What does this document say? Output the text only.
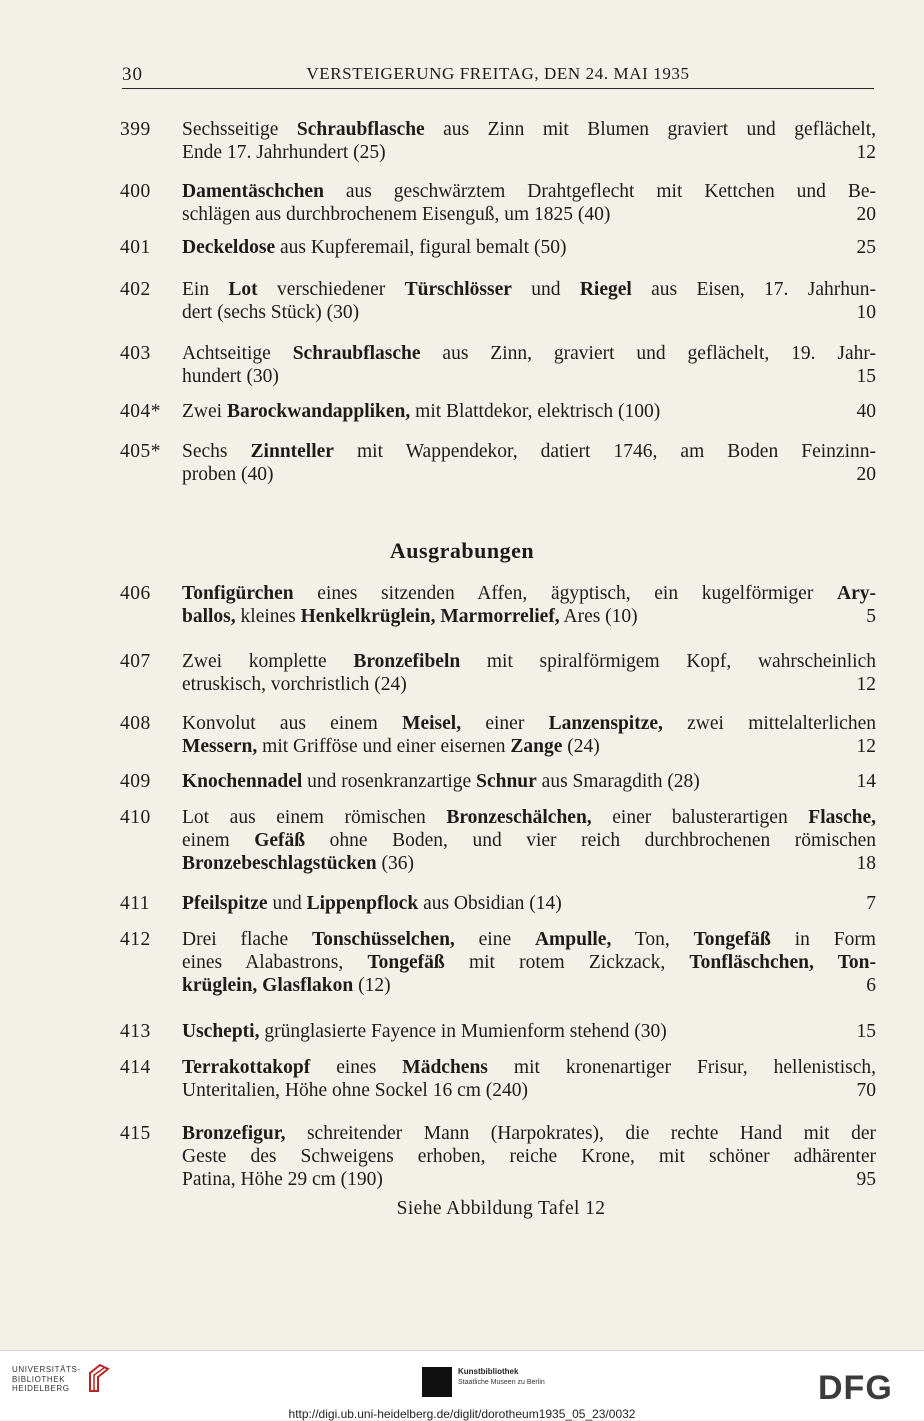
30	VERSTEIGERUNG FREITAG, DEN 24. MAI 1935
399	Sechsseitige Schraubflasche aus Zinn mit Blumen graviert und geflächelt,
Ende 17. Jahrhundert (25)	12
400	Damentäschchen aus geschwärztem Drahtgeflecht mit Kettchen und Be-
schlägen aus durchbrochenem Eisenguß, um 1825 (40)	20
401	Deckeldose aus Kupferemail, figural bemalt (50)	25
402	Ein Lot verschiedener Türschlösser und Riegel aus Eisen, 17. Jahrhun-
dert (sechs Stück) (30)	10
403	Achtseitige Schraubflasche aus Zinn, graviert und geflächelt, 19. Jahr-
hundert (30)	15
404*	Zwei Barockwandappliken, mit Blattdekor, elektrisch (100)	40
405*	Sechs Zinnteller mit Wappendekor, datiert 1746, am Boden Feinzinn-
proben (40)	20
Ausgrabungen
406	Tonfigürchen eines sitzenden Affen, ägyptisch, ein kugelförmiger Ary-
ballos, kleines Henkelkrüglein, Marmorrelief, Ares (10)	5
407	Zwei komplette Bronzefibeln mit spiralförmigem Kopf, wahrscheinlich
etruskisch, vorchristlich (24)	12
408	Konvolut aus einem Meisel, einer Lanzenspitze, zwei mittelalterlichen
Messern, mit Grifföse und einer eisernen Zange (24)	12
409	Knochennadel und rosenkranzartige Schnur aus Smaragdith (28)	14
410	Lot aus einem römischen Bronzeschälchen, einer balusterartigen Flasche,
einem Gefäß ohne Boden, und vier reich durchbrochenen römischen
Bronzebeschlagstücken (36)	18
411	Pfeilspitze und Lippenpflock aus Obsidian (14)	7
412	Drei flache Tonschüsselchen, eine Ampulle, Ton, Tongefäß in Form
eines Alabastrons, Tongefäß mit rotem Zickzack, Tonfläschchen, Ton-
krüglein, Glasflakon (12)	6
413	Uschepti, grünglasierte Fayence in Mumienform stehend (30)	15
414	Terrakottakopf eines Mädchens mit kronenartiger Frisur, hellenistisch,
Unteritalien, Höhe ohne Sockel 16 cm (240)	70
415	Bronzefigur, schreitender Mann (Harpokrates), die rechte Hand mit der
Geste des Schweigens erhoben, reiche Krone, mit schöner adhärenter
Patina, Höhe 29 cm (190)	95
Siehe Abbildung Tafel 12
UNIVERSITÄTS-
BIBLIOTHEK
HEIDELBERG
Kunstbibliothek
Staatliche Museen zu Berlin	DFG
http://digi.ub.uni-heidelberg.de/diglit/dorotheum1935_05_23/0032
